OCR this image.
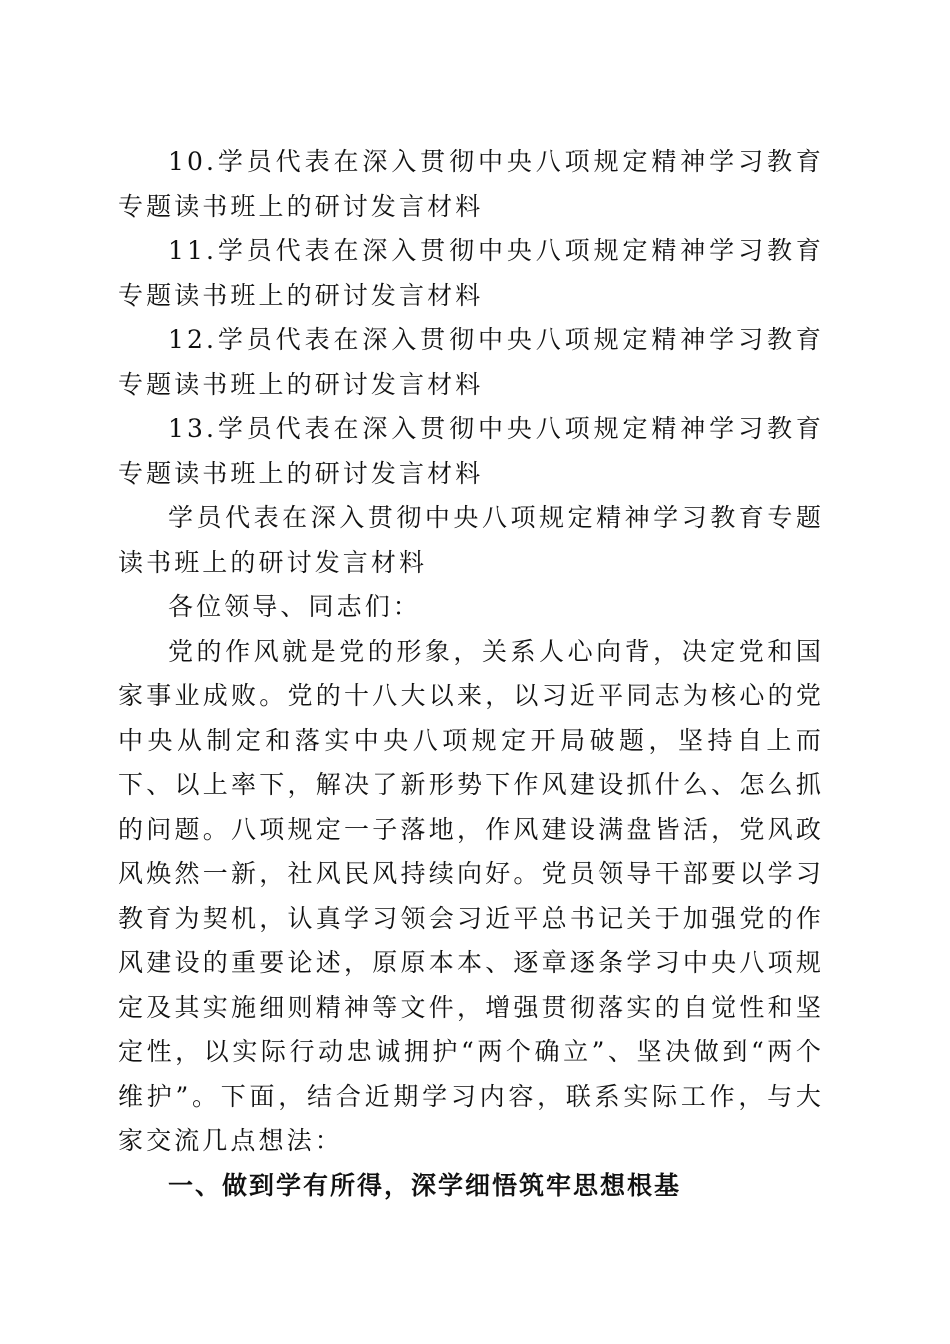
10.学员代表在深入贯彻中央八项规定精神学习教育专题读书班上的研讨发言材料

11.学员代表在深入贯彻中央八项规定精神学习教育专题读书班上的研讨发言材料

12.学员代表在深入贯彻中央八项规定精神学习教育专题读书班上的研讨发言材料

13.学员代表在深入贯彻中央八项规定精神学习教育专题读书班上的研讨发言材料

学员代表在深入贯彻中央八项规定精神学习教育专题读书班上的研讨发言材料

各位领导、同志们：

党的作风就是党的形象，关系人心向背，决定党和国家事业成败。党的十八大以来，以习近平同志为核心的党中央从制定和落实中央八项规定开局破题，坚持自上而下、以上率下，解决了新形势下作风建设抓什么、怎么抓的问题。八项规定一子落地，作风建设满盘皆活，党风政风焕然一新，社风民风持续向好。党员领导干部要以学习教育为契机，认真学习领会习近平总书记关于加强党的作风建设的重要论述，原原本本、逐章逐条学习中央八项规定及其实施细则精神等文件，增强贯彻落实的自觉性和坚定性，以实际行动忠诚拥护“两个确立”、坚决做到“两个维护”。下面，结合近期学习内容，联系实际工作，与大家交流几点想法：

一、做到学有所得，深学细悟筑牢思想根基
